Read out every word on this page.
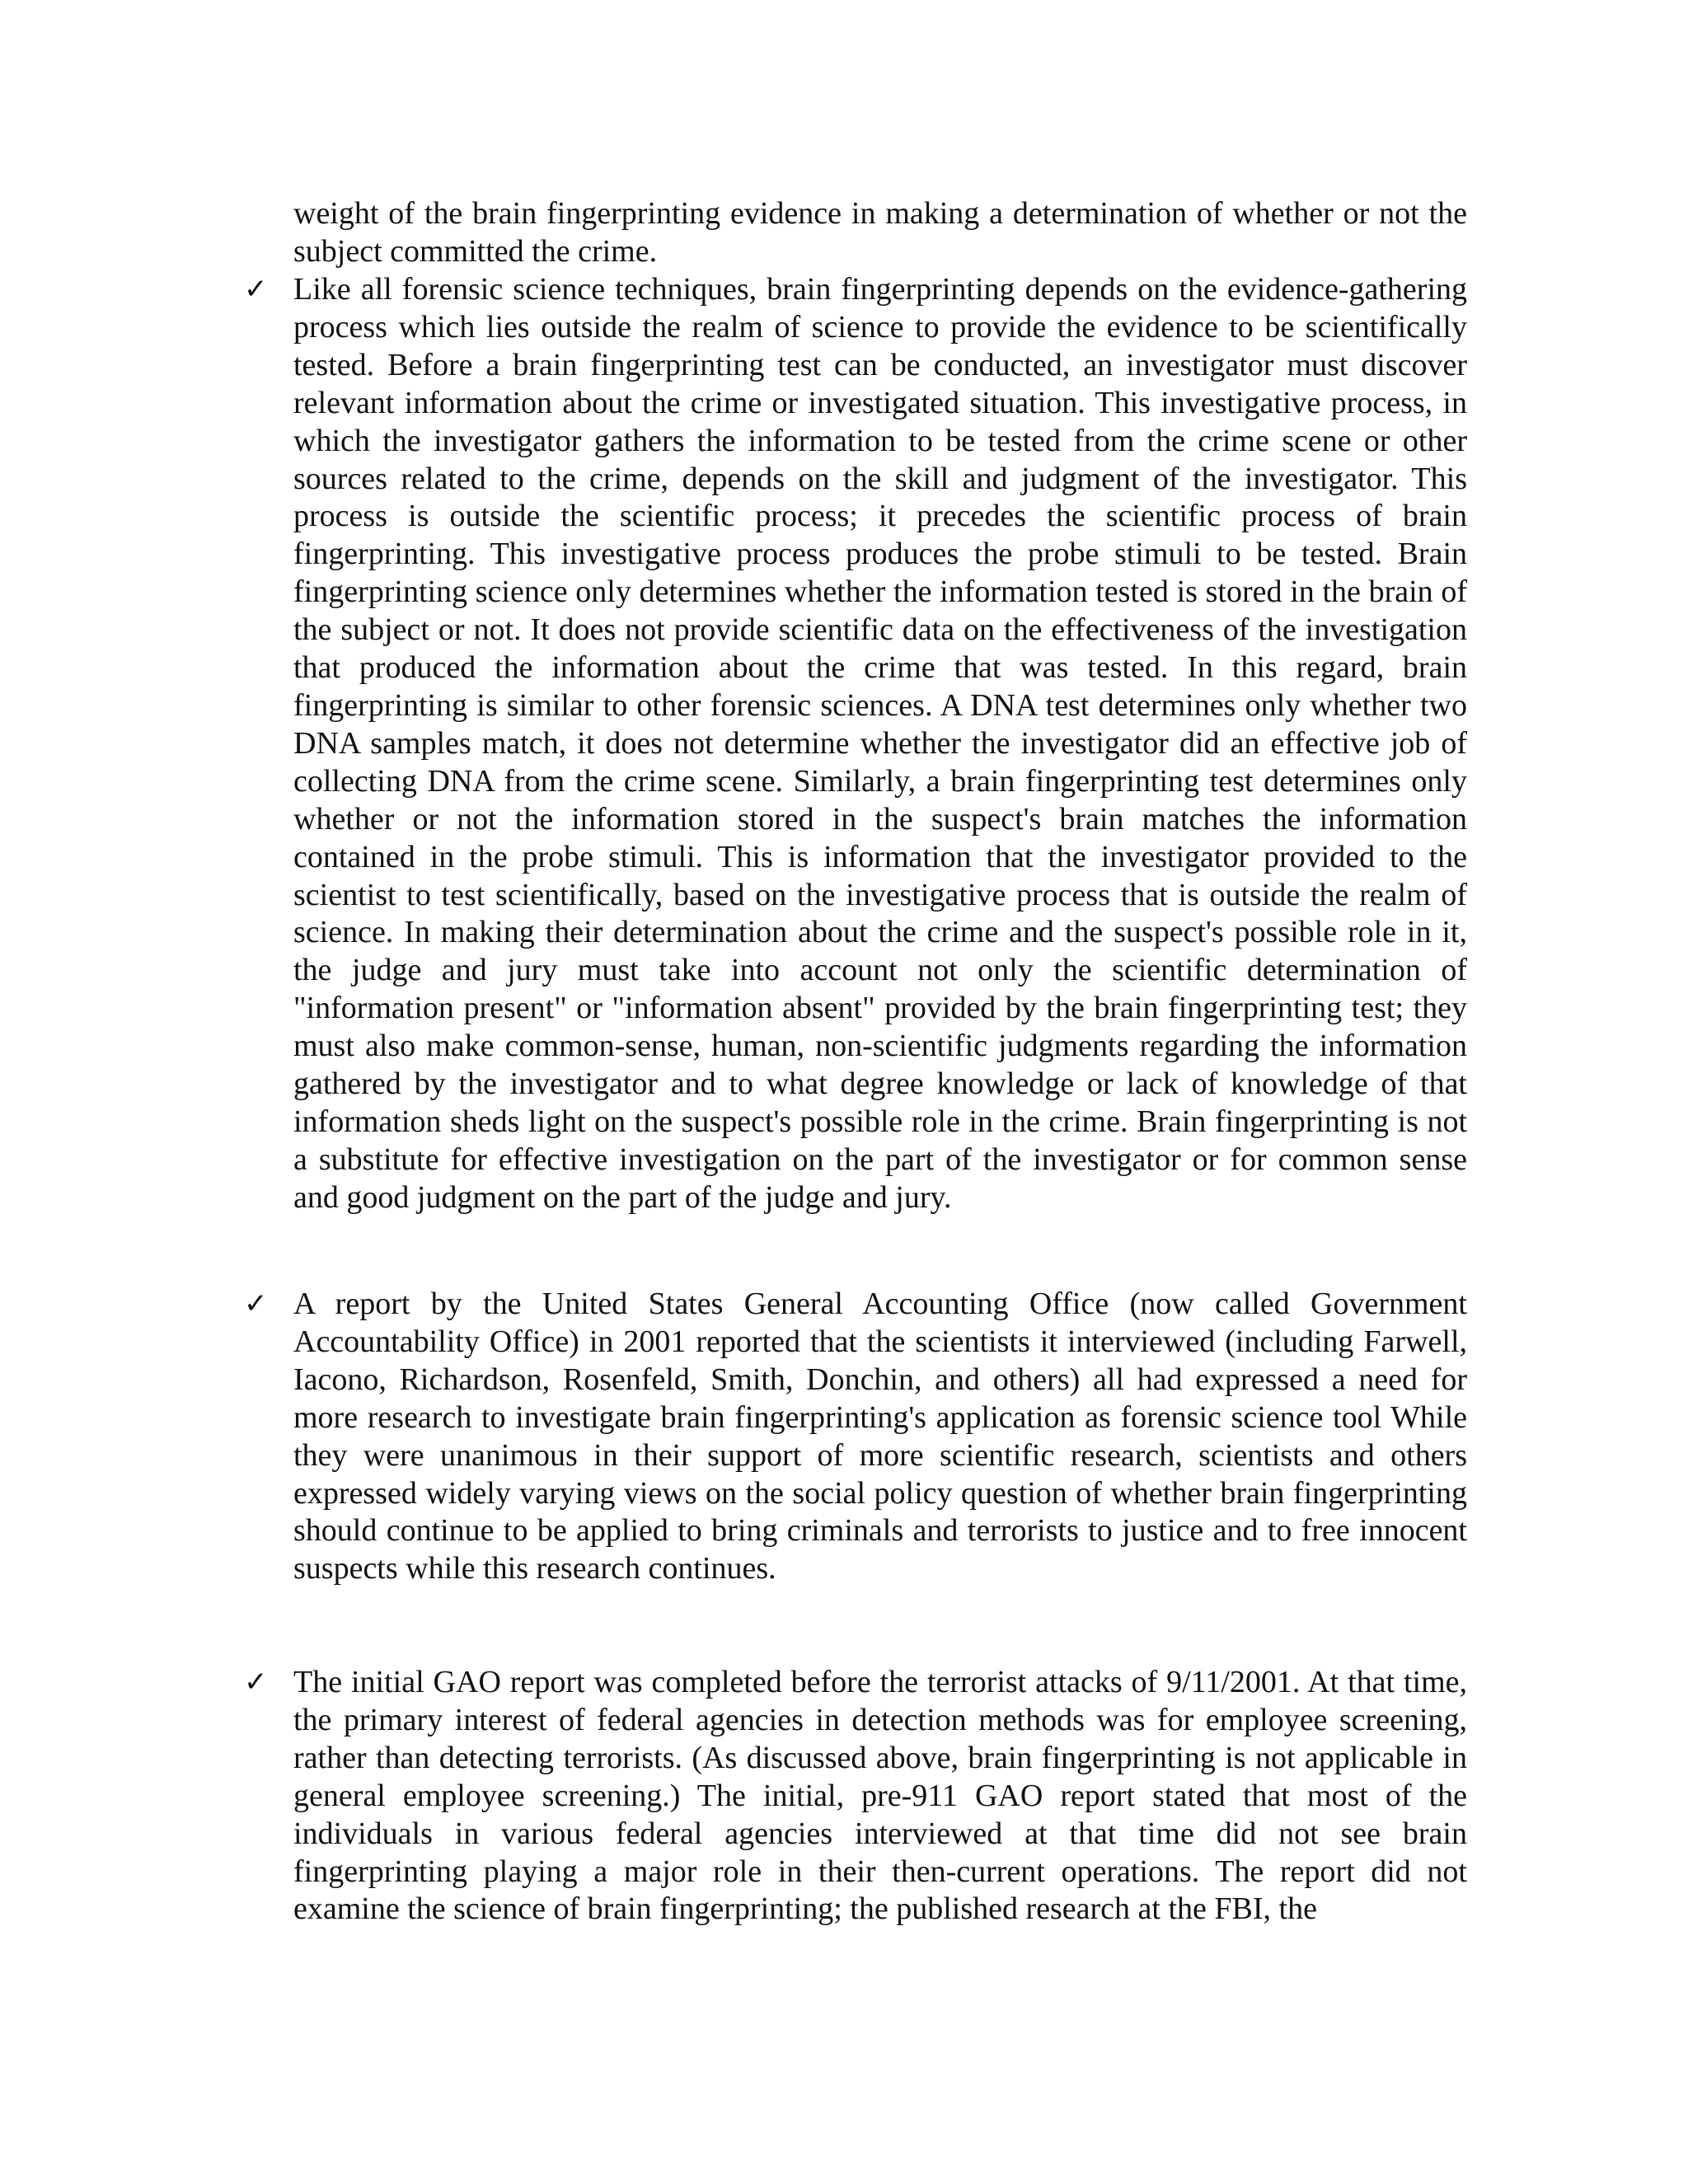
weight of the brain fingerprinting evidence in making a determination of whether or not the subject committed the crime.

✓ Like all forensic science techniques, brain fingerprinting depends on the evidence-gathering process which lies outside the realm of science to provide the evidence to be scientifically tested. Before a brain fingerprinting test can be conducted, an investigator must discover relevant information about the crime or investigated situation. This investigative process, in which the investigator gathers the information to be tested from the crime scene or other sources related to the crime, depends on the skill and judgment of the investigator. This process is outside the scientific process; it precedes the scientific process of brain fingerprinting. This investigative process produces the probe stimuli to be tested. Brain fingerprinting science only determines whether the information tested is stored in the brain of the subject or not. It does not provide scientific data on the effectiveness of the investigation that produced the information about the crime that was tested. In this regard, brain fingerprinting is similar to other forensic sciences. A DNA test determines only whether two DNA samples match, it does not determine whether the investigator did an effective job of collecting DNA from the crime scene. Similarly, a brain fingerprinting test determines only whether or not the information stored in the suspect's brain matches the information contained in the probe stimuli. This is information that the investigator provided to the scientist to test scientifically, based on the investigative process that is outside the realm of science. In making their determination about the crime and the suspect's possible role in it, the judge and jury must take into account not only the scientific determination of "information present" or "information absent" provided by the brain fingerprinting test; they must also make common-sense, human, non-scientific judgments regarding the information gathered by the investigator and to what degree knowledge or lack of knowledge of that information sheds light on the suspect's possible role in the crime. Brain fingerprinting is not a substitute for effective investigation on the part of the investigator or for common sense and good judgment on the part of the judge and jury.

✓ A report by the United States General Accounting Office (now called Government Accountability Office) in 2001 reported that the scientists it interviewed (including Farwell, Iacono, Richardson, Rosenfeld, Smith, Donchin, and others) all had expressed a need for more research to investigate brain fingerprinting's application as forensic science tool While they were unanimous in their support of more scientific research, scientists and others expressed widely varying views on the social policy question of whether brain fingerprinting should continue to be applied to bring criminals and terrorists to justice and to free innocent suspects while this research continues.

✓ The initial GAO report was completed before the terrorist attacks of 9/11/2001. At that time, the primary interest of federal agencies in detection methods was for employee screening, rather than detecting terrorists. (As discussed above, brain fingerprinting is not applicable in general employee screening.) The initial, pre-911 GAO report stated that most of the individuals in various federal agencies interviewed at that time did not see brain fingerprinting playing a major role in their then-current operations. The report did not examine the science of brain fingerprinting; the published research at the FBI, the
